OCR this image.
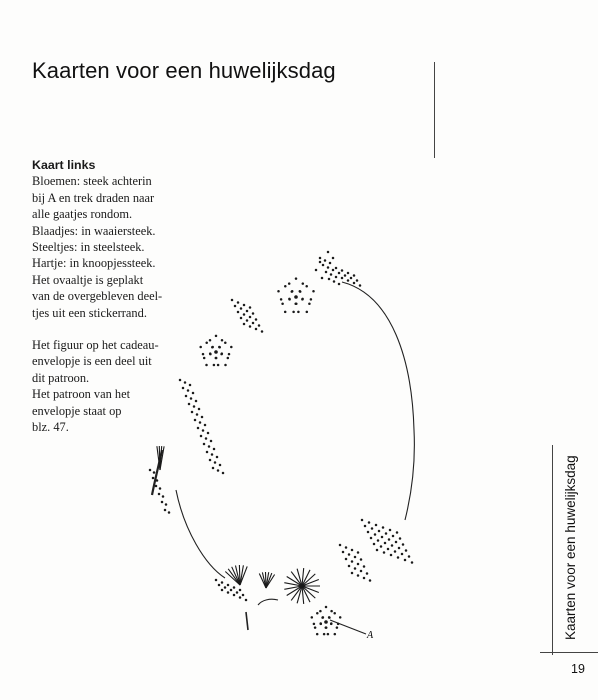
Kaarten voor een huwelijksdag
Kaart links
Bloemen: steek achterin
bij A en trek draden naar
alle gaatjes rondom.
Blaadjes: in waaiersteek.
Steeltjes: in steelsteek.
Hartje: in knoopjessteek.
Het ovaaltje is geplakt
van de overgebleven deel-
tjes uit een stickerrand.
Het figuur op het cadeau-
envelopje is een deel uit
dit patroon.
Het patroon van het
envelopje staat op
blz. 47.
A	Kaarten voor een huwelijksdag
19
